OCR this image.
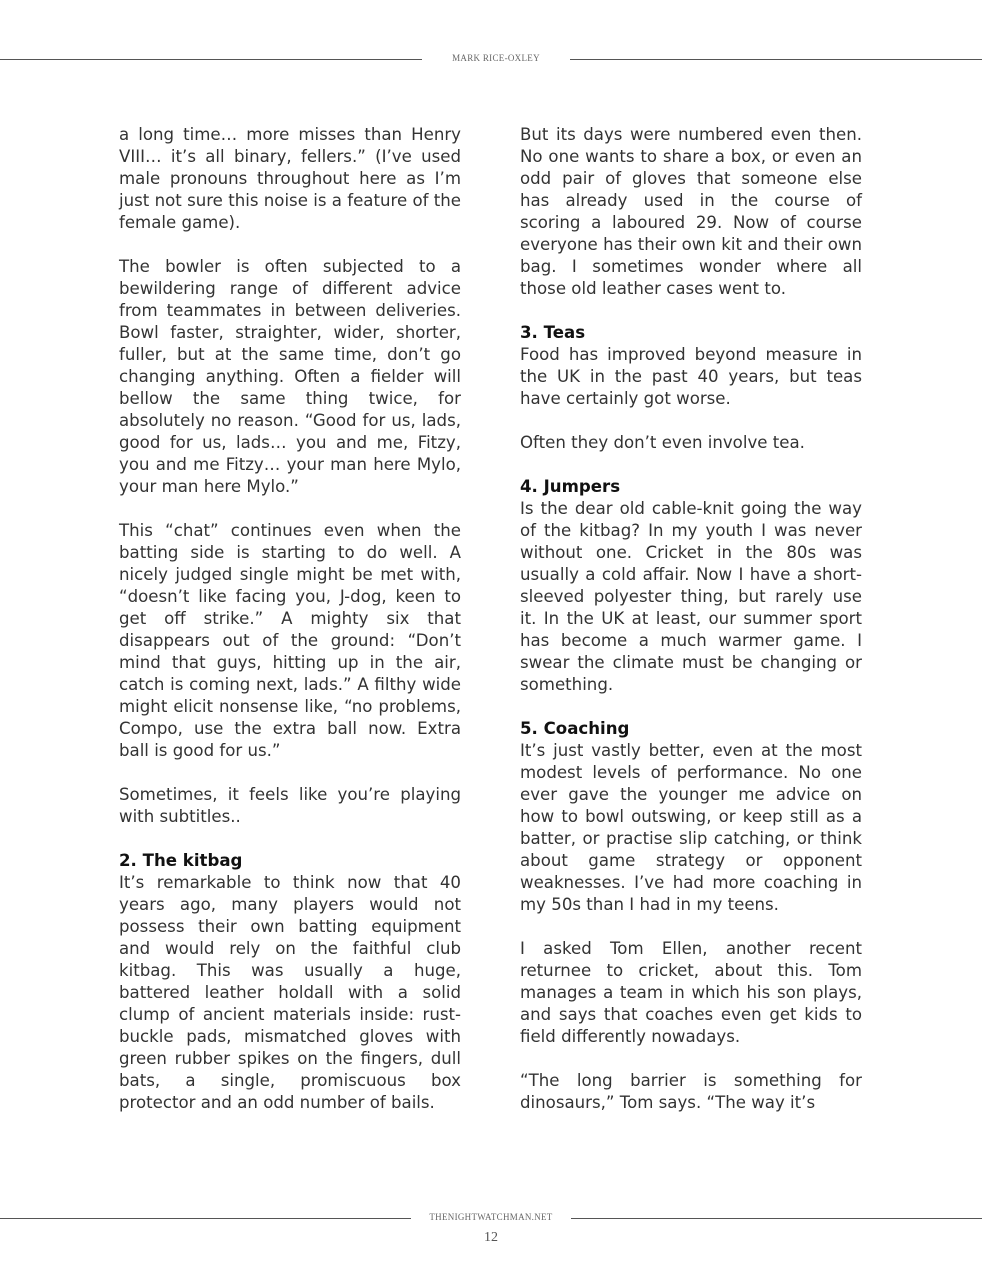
MARK RICE-OXLEY

a long time… more misses than Henry VIII… it’s all binary, fellers.” (I’ve used male pronouns throughout here as I’m just not sure this noise is a feature of the female game).

The bowler is often subjected to a bewildering range of different advice from teammates in between deliveries. Bowl faster, straighter, wider, shorter, fuller, but at the same time, don’t go changing anything. Often a fielder will bellow the same thing twice, for absolutely no reason. “Good for us, lads, good for us, lads… you and me, Fitzy, you and me Fitzy… your man here Mylo, your man here Mylo.”

This “chat” continues even when the batting side is starting to do well. A nicely judged single might be met with, “doesn’t like facing you, J-dog, keen to get off strike.” A mighty six that disappears out of the ground: “Don’t mind that guys, hitting up in the air, catch is coming next, lads.” A filthy wide might elicit nonsense like, “no problems, Compo, use the extra ball now. Extra ball is good for us.”

Sometimes, it feels like you’re playing with subtitles..

2. The kitbag

It’s remarkable to think now that 40 years ago, many players would not possess their own batting equipment and would rely on the faithful club kitbag. This was usually a huge, battered leather holdall with a solid clump of ancient materials inside: rust-buckle pads, mismatched gloves with green rubber spikes on the fingers, dull bats, a single, promiscuous box protector and an odd number of bails.

But its days were numbered even then. No one wants to share a box, or even an odd pair of gloves that someone else has already used in the course of scoring a laboured 29. Now of course everyone has their own kit and their own bag. I sometimes wonder where all those old leather cases went to.

3. Teas

Food has improved beyond measure in the UK in the past 40 years, but teas have certainly got worse.

Often they don’t even involve tea.

4. Jumpers

Is the dear old cable-knit going the way of the kitbag? In my youth I was never without one. Cricket in the 80s was usually a cold affair. Now I have a short-sleeved polyester thing, but rarely use it. In the UK at least, our summer sport has become a much warmer game. I swear the climate must be changing or something.

5. Coaching

It’s just vastly better, even at the most modest levels of performance. No one ever gave the younger me advice on how to bowl outswing, or keep still as a batter, or practise slip catching, or think about game strategy or opponent weaknesses. I’ve had more coaching in my 50s than I had in my teens.

I asked Tom Ellen, another recent returnee to cricket, about this. Tom manages a team in which his son plays, and says that coaches even get kids to field differently nowadays.

“The long barrier is something for dinosaurs,” Tom says. “The way it’s

THENIGHTWATCHMAN.NET
12
